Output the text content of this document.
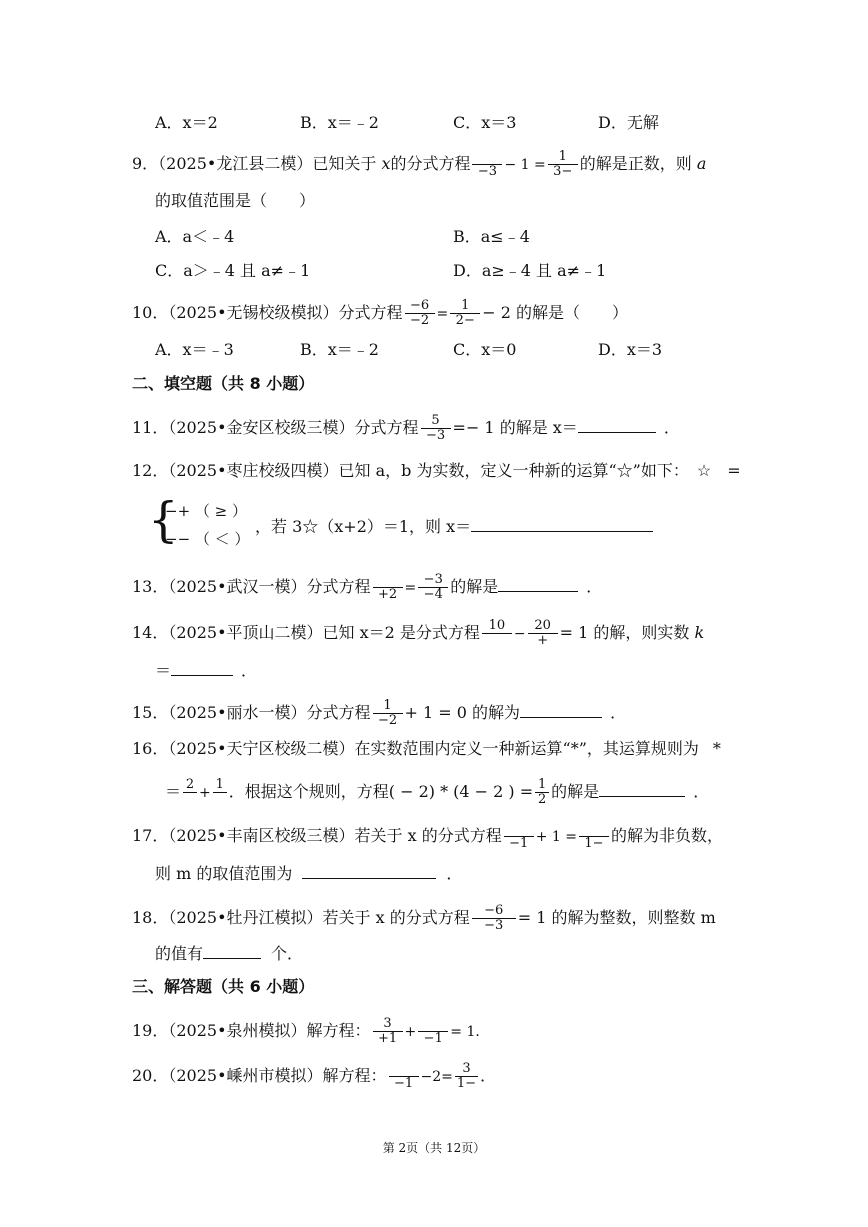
A．x＝2	B．x＝﹣2	C．x＝3	D．无解
9．（2025•龙江县二模）已知关于 x的分式方程
$-3 - 1 = \frac{1}{3-}$ 的解是正数，则 a
的取值范围是（　　）
A．a＜﹣4	B．a≤﹣4
C．a＞﹣4 且 a≠﹣1	D．a≥﹣4 且 a≠﹣1
10．（2025•无锡校级模拟）分式方程 $\frac{-6}{-2} = \frac{1}{2-} - 2$ 的解是（　　）
A．x＝﹣3	B．x＝﹣2	C．x＝0	D．x＝3
二、填空题（共 8 小题）
11．（2025•金安区校级三模）分式方程 $\frac{5}{-3} =- 1$ 的解是 x＝	．
12．（2025•枣庄校级四模）已知 a，b 为实数，定义一种新的运算“☆”如下： ☆　=
{
−+ （ ≥ ）
−− （ ＜ ）
，若 3☆（x+2）＝1，则 x＝
13．（2025•武汉一模）分式方程
$+2 = \frac{-3}{-4}$ 的解是	．
14．（2025•平顶山二模）已知 x＝2 是分式方程 10

− $\frac{20}{+} = 1$ 的解，则实数 k
＝	．
15．（2025•丽水一模）分式方程 $\frac{1}{-2} + 1 = 0$ 的解为	．
16．（2025•天宁区校级二模）在实数范围内定义一种新运算“*”，其运算规则为 *
＝ 2

+
1
．根据这个规则，方程( − 2) * (4 − 2 ) = $\frac{1}{2}$ 的解是	．
17．（2025•丰南区校级三模）若关于 x 的分式方程
−1 + 1 =
1− 的解为非负数，
则 m 的取值范围为	．
18．（2025•牡丹江模拟）若关于 x 的分式方程 $\frac{-6}{-3} = 1$ 的解为整数，则整数 m
的值有	个．
三、解答题（共 6 小题）
19．（2025•泉州模拟）解方程： $\frac{3}{+1}$ +
−1 = 1．
20．（2025•嵊州市模拟）解方程：
$-1 -2= \frac{3}{1-}$ ．
第 2页（共 12页）
